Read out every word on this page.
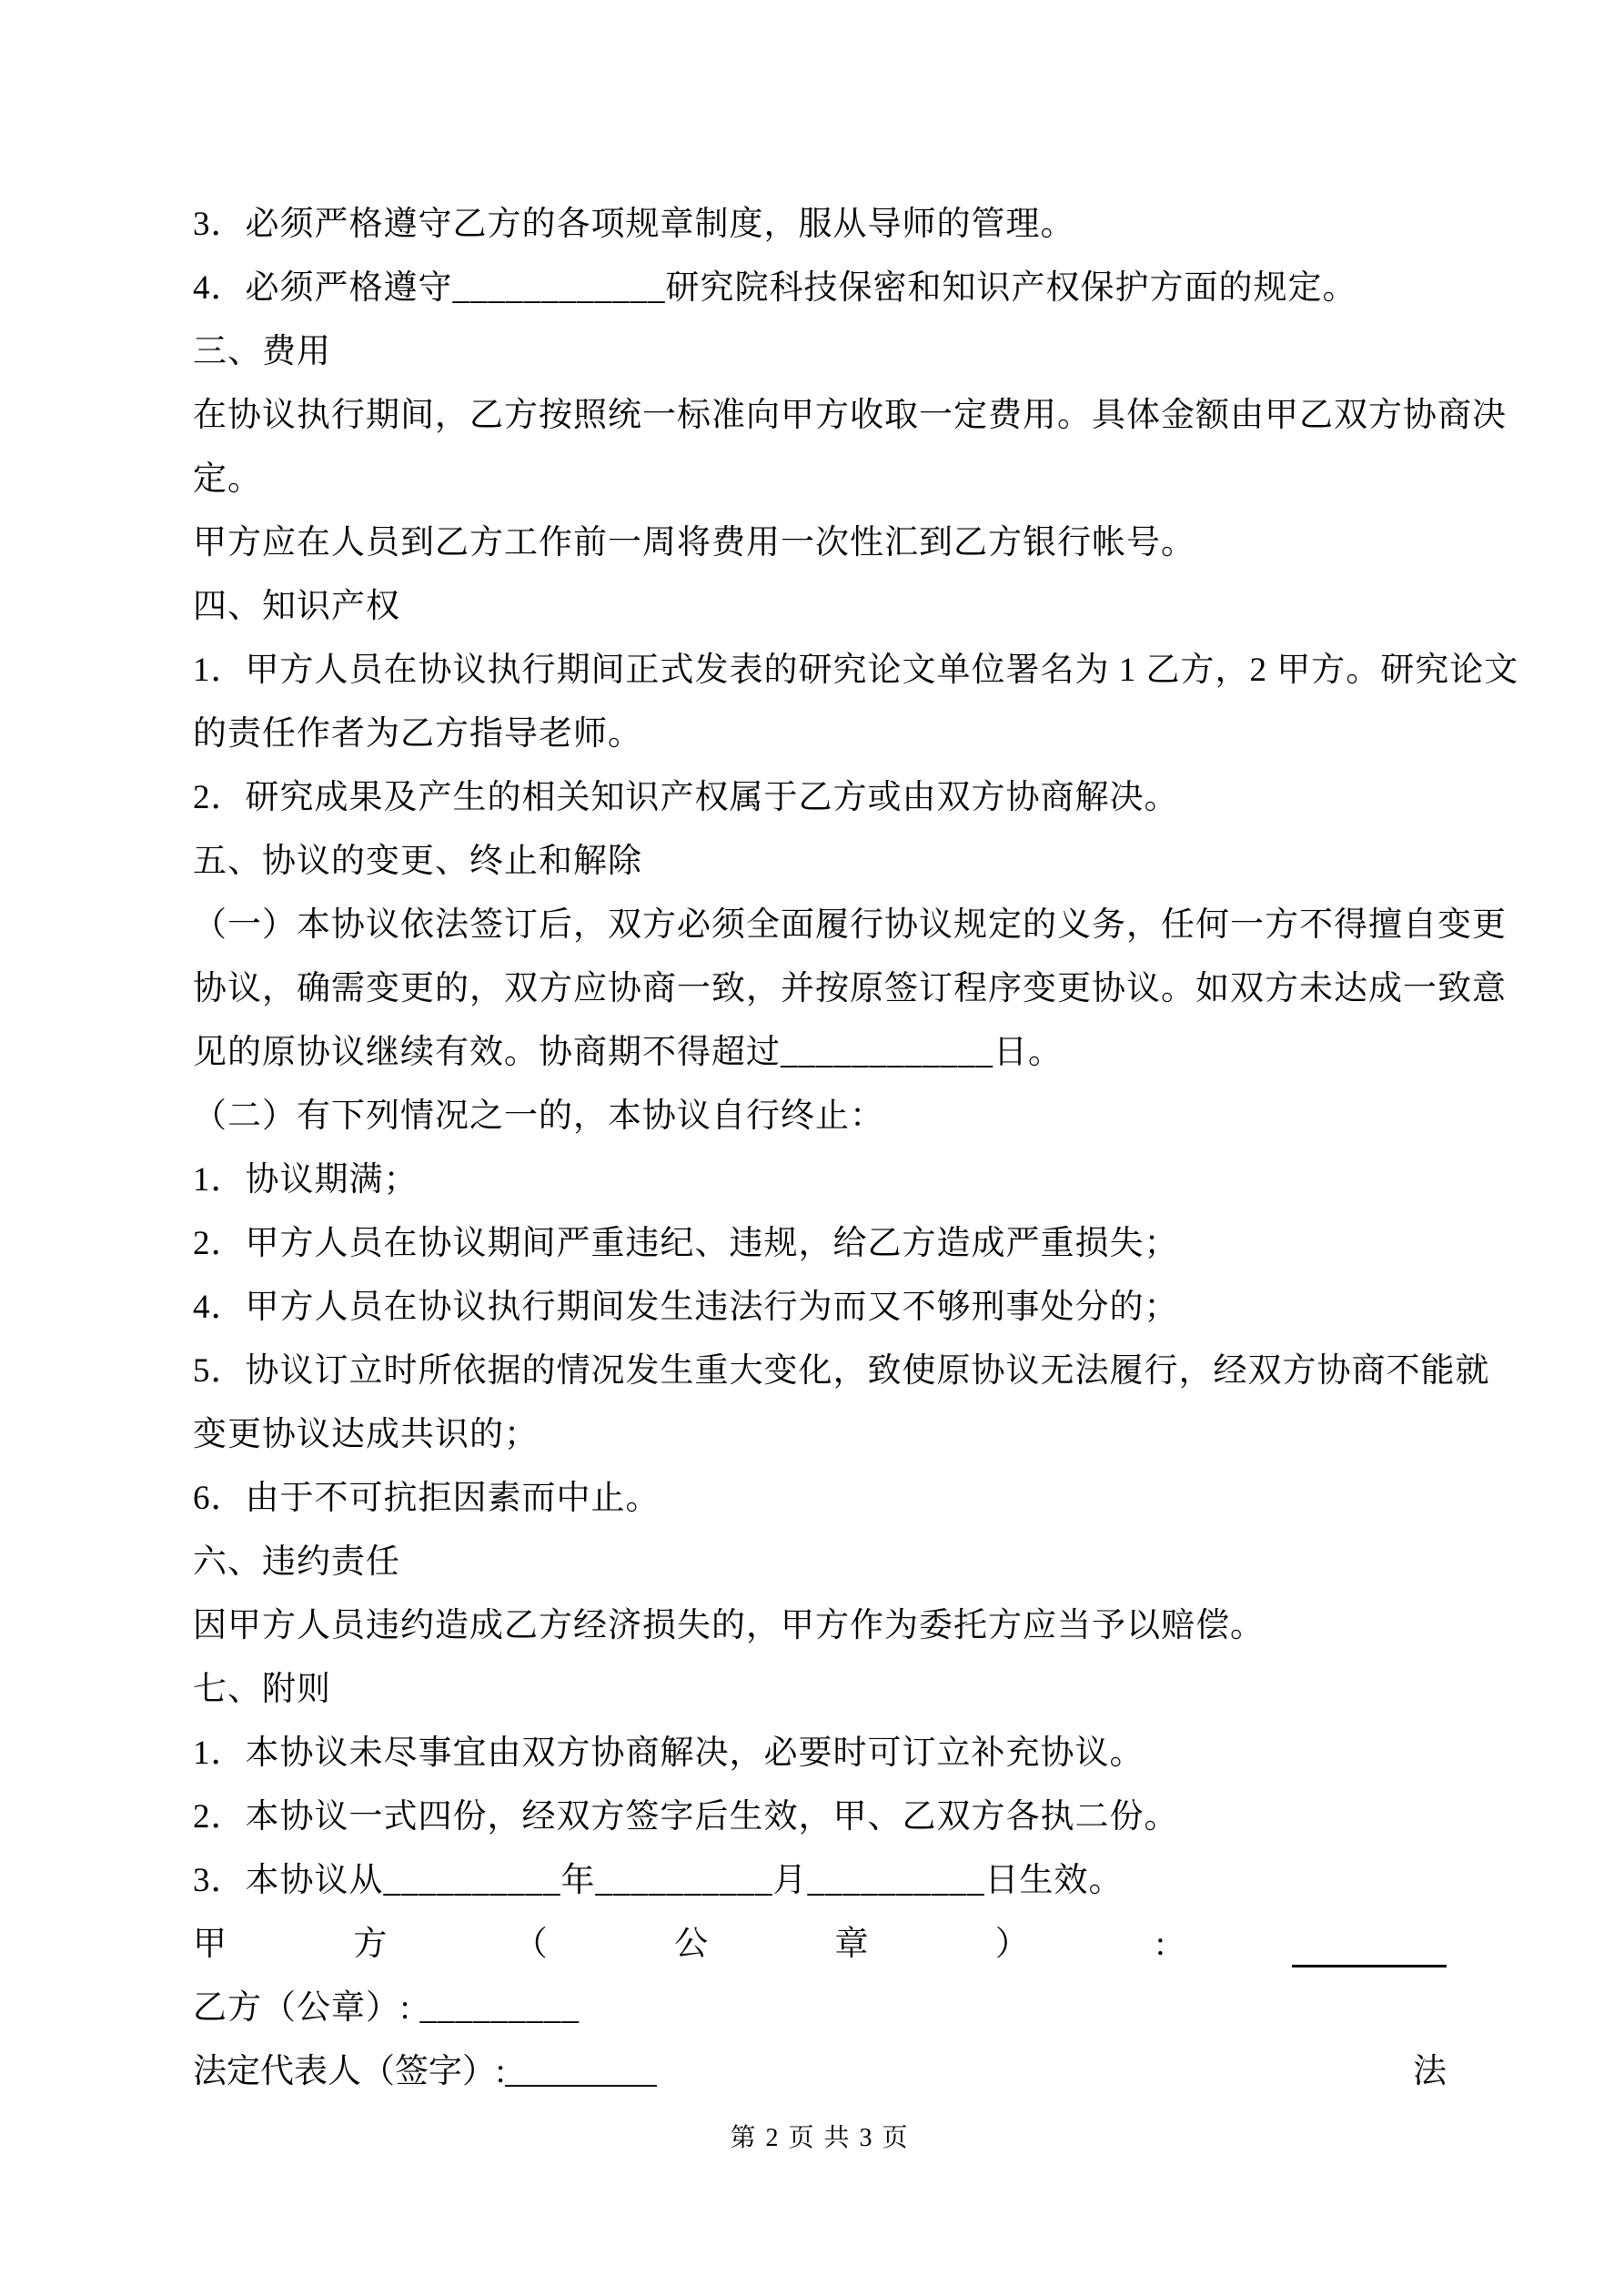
3．必须严格遵守乙方的各项规章制度，服从导师的管理。
4．必须严格遵守____________研究院科技保密和知识产权保护方面的规定。
三、费用
在协议执行期间，乙方按照统一标准向甲方收取一定费用。具体金额由甲乙双方协商决
定。
甲方应在人员到乙方工作前一周将费用一次性汇到乙方银行帐号。
四、知识产权
1．甲方人员在协议执行期间正式发表的研究论文单位署名为 1 乙方，2 甲方。研究论文
的责任作者为乙方指导老师。
2．研究成果及产生的相关知识产权属于乙方或由双方协商解决。
五、协议的变更、终止和解除
（一）本协议依法签订后，双方必须全面履行协议规定的义务，任何一方不得擅自变更
协议，确需变更的，双方应协商一致，并按原签订程序变更协议。如双方未达成一致意
见的原协议继续有效。协商期不得超过____________日。
（二）有下列情况之一的，本协议自行终止：
1．协议期满；
2．甲方人员在协议期间严重违纪、违规，给乙方造成严重损失；
4．甲方人员在协议执行期间发生违法行为而又不够刑事处分的；
5．协议订立时所依据的情况发生重大变化，致使原协议无法履行，经双方协商不能就
变更协议达成共识的；
6．由于不可抗拒因素而中止。
六、违约责任
因甲方人员违约造成乙方经济损失的，甲方作为委托方应当予以赔偿。
七、附则
1．本协议未尽事宜由双方协商解决，必要时可订立补充协议。
2．本协议一式四份，经双方签字后生效，甲、乙双方各执二份。
3．本协议从__________年__________月__________日生效。
甲	方	（	公	章	）	:
乙方（公章）: _________
法定代表人（签字）:_________	法
第 2 页 共 3 页
